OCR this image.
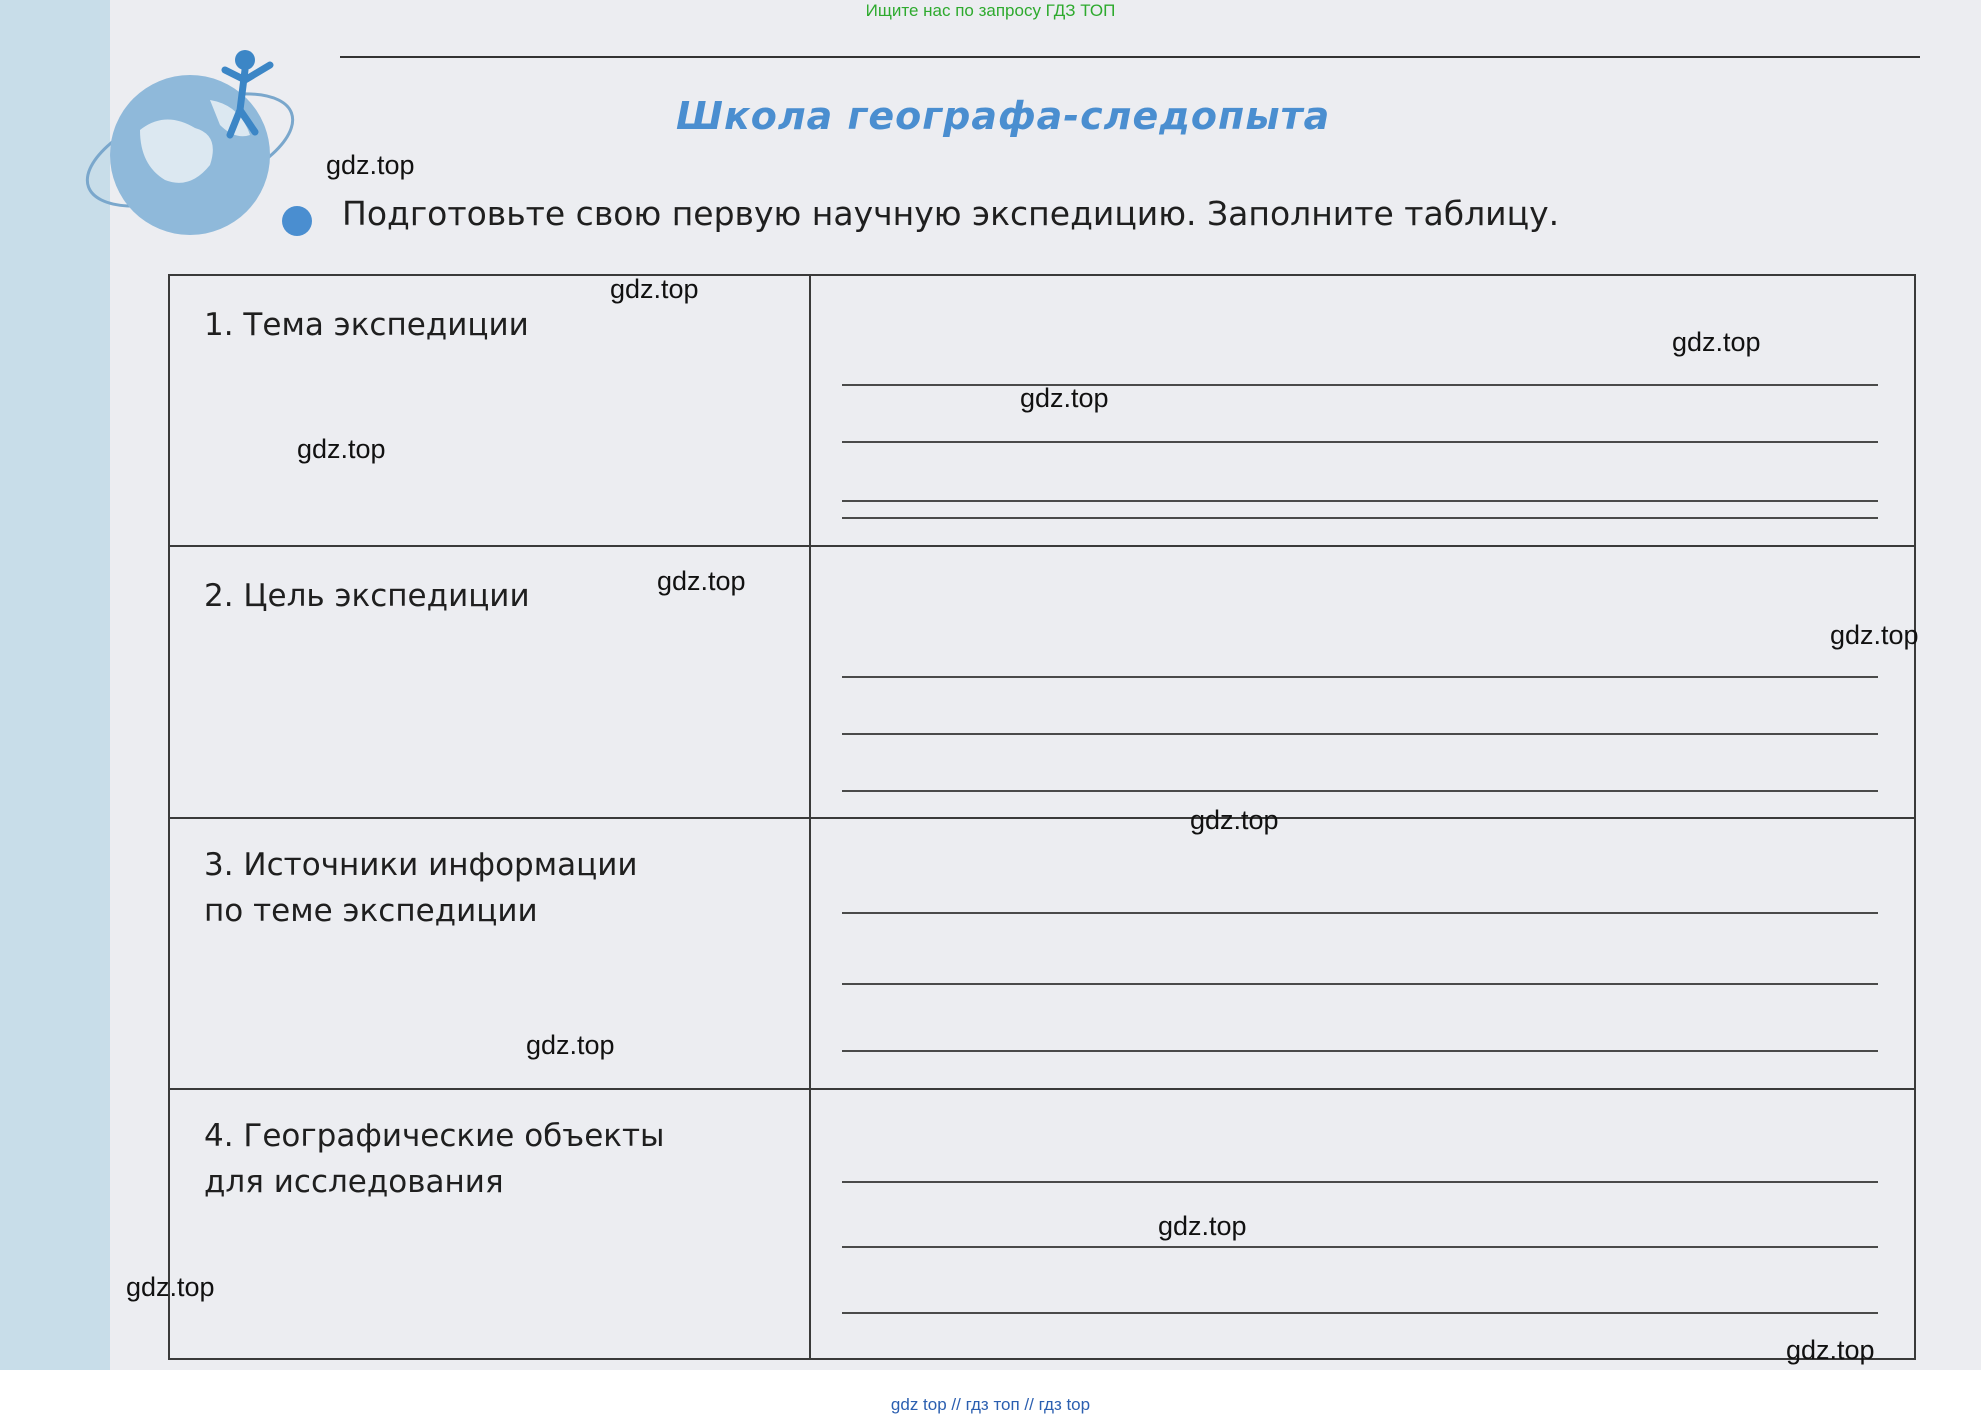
Ищите нас по запросу ГДЗ ТОП
Школа географа-следопыта
Подготовьте свою первую научную экспедицию. Заполните таблицу.
1. Тема экспедиции
2. Цель экспедиции
3. Источники информации
по теме экспедиции
4. Географические объекты
для исследования
gdz.top
gdz.top
gdz.top
gdz.top
gdz.top
gdz.top
gdz.top
gdz.top
gdz.top
gdz.top
gdz.top
gdz.top
gdz top // гдз топ // гдз top
